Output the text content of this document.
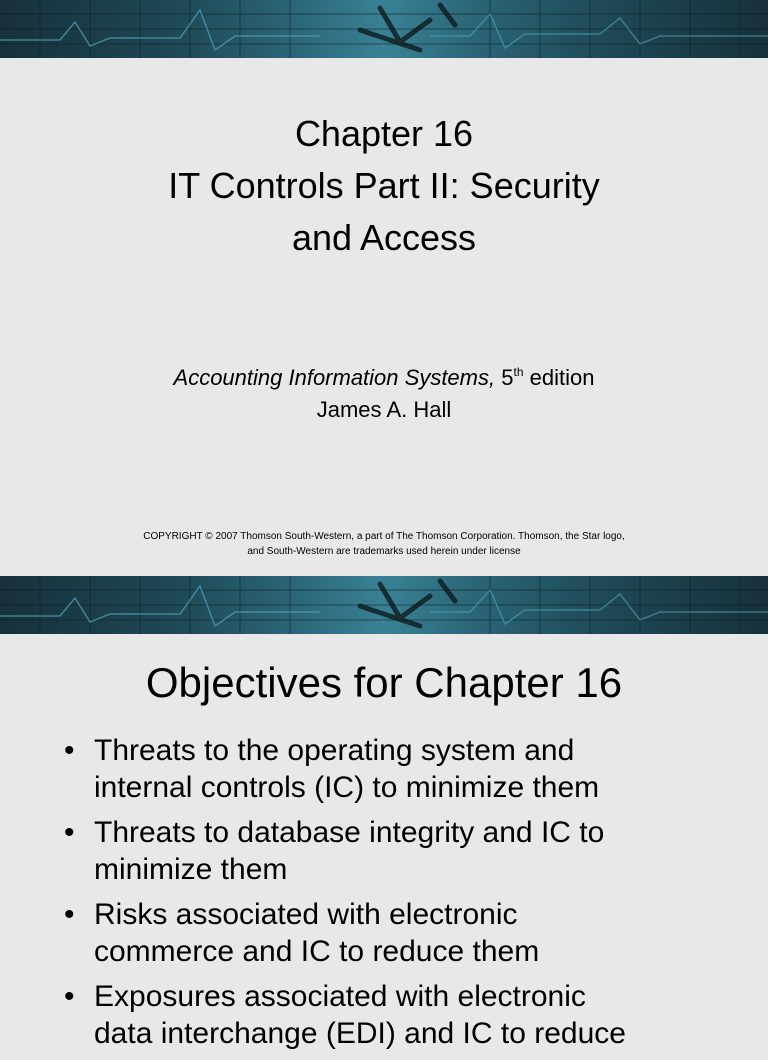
Chapter 16
IT Controls Part II: Security
and Access
Accounting Information Systems, 5th edition
James A. Hall
COPYRIGHT © 2007 Thomson South-Western, a part of The Thomson Corporation. Thomson, the Star logo,
and South-Western are trademarks used herein under license
Objectives for Chapter 16
• Threats to the operating system and
internal controls (IC) to minimize them
• Threats to database integrity and IC to
minimize them
• Risks associated with electronic
commerce and IC to reduce them
• Exposures associated with electronic
data interchange (EDI) and IC to reduce
